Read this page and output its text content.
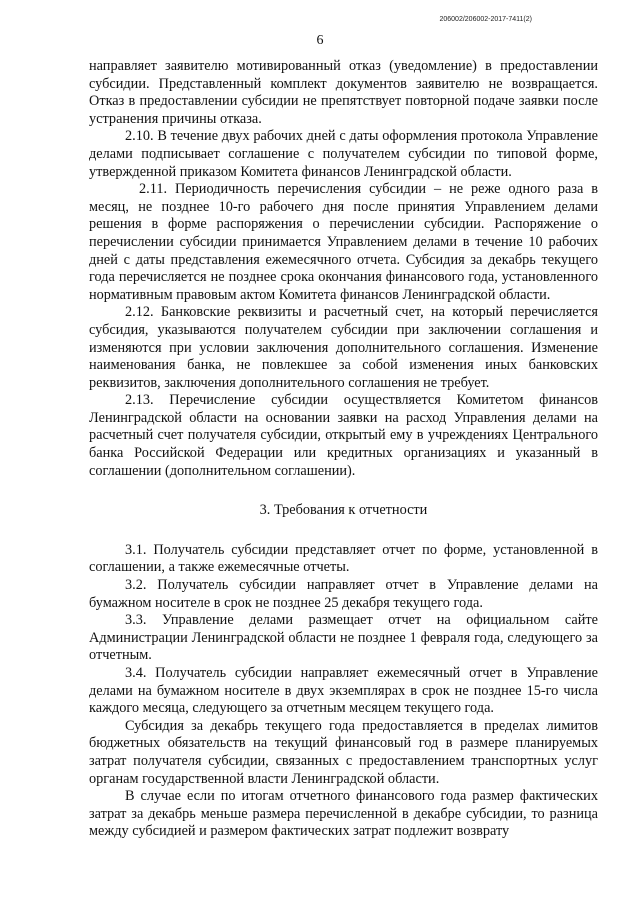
206002/206002-2017-7411(2)
6

направляет заявителю мотивированный отказ (уведомление) в предоставлении субсидии. Представленный комплект документов заявителю не возвращается. Отказ в предоставлении субсидии не препятствует повторной подаче заявки после устранения причины отказа.

2.10. В течение двух рабочих дней с даты оформления протокола Управление делами подписывает соглашение с получателем субсидии по типовой форме, утвержденной приказом Комитета финансов Ленинградской области.

2.11. Периодичность перечисления субсидии – не реже одного раза в месяц, не позднее 10-го рабочего дня после принятия Управлением делами решения в форме распоряжения о перечислении субсидии. Распоряжение о перечислении субсидии принимается Управлением делами в течение 10 рабочих дней с даты представления ежемесячного отчета. Субсидия за декабрь текущего года перечисляется не позднее срока окончания финансового года, установленного нормативным правовым актом Комитета финансов Ленинградской области.

2.12. Банковские реквизиты и расчетный счет, на который перечисляется субсидия, указываются получателем субсидии при заключении соглашения и изменяются при условии заключения дополнительного соглашения. Изменение наименования банка, не повлекшее за собой изменения иных банковских реквизитов, заключения дополнительного соглашения не требует.

2.13. Перечисление субсидии осуществляется Комитетом финансов Ленинградской области на основании заявки на расход Управления делами на расчетный счет получателя субсидии, открытый ему в учреждениях Центрального банка Российской Федерации или кредитных организациях и указанный в соглашении (дополнительном соглашении).

3. Требования к отчетности

3.1. Получатель субсидии представляет отчет по форме, установленной в соглашении, а также ежемесячные отчеты.

3.2. Получатель субсидии направляет отчет в Управление делами на бумажном носителе в срок не позднее 25 декабря текущего года.

3.3. Управление делами размещает отчет на официальном сайте Администрации Ленинградской области не позднее 1 февраля года, следующего за отчетным.

3.4. Получатель субсидии направляет ежемесячный отчет в Управление делами на бумажном носителе в двух экземплярах в срок не позднее 15-го числа каждого месяца, следующего за отчетным месяцем текущего года.

Субсидия за декабрь текущего года предоставляется в пределах лимитов бюджетных обязательств на текущий финансовый год в размере планируемых затрат получателя субсидии, связанных с предоставлением транспортных услуг органам государственной власти Ленинградской области.

В случае если по итогам отчетного финансового года размер фактических затрат за декабрь меньше размера перечисленной в декабре субсидии, то разница между субсидией и размером фактических затрат подлежит возврату
